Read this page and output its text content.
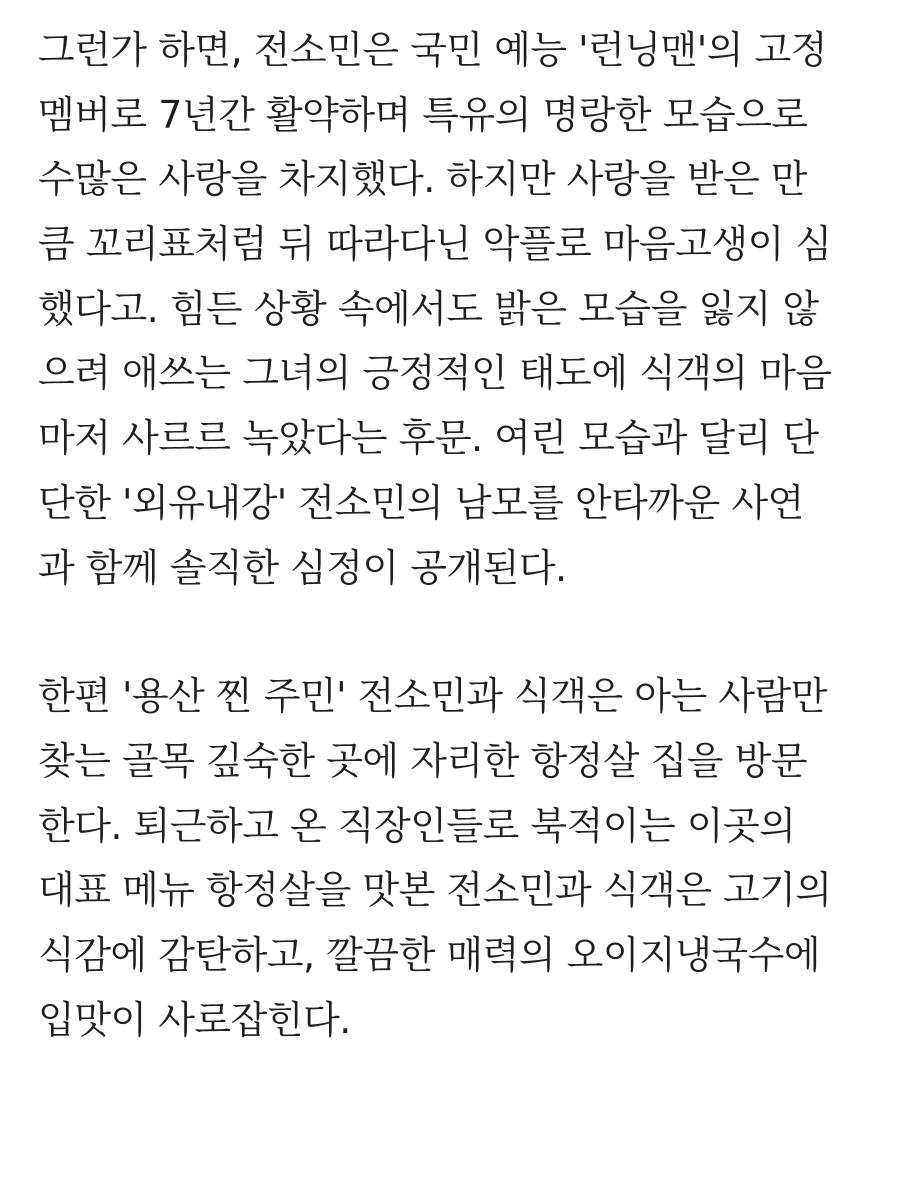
그런가 하면, 전소민은 국민 예능 '런닝맨'의 고정
멤버로 7년간 활약하며 특유의 명랑한 모습으로
수많은 사랑을 차지했다. 하지만 사랑을 받은 만
큼 꼬리표처럼 뒤 따라다닌 악플로 마음고생이 심
했다고. 힘든 상황 속에서도 밝은 모습을 잃지 않
으려 애쓰는 그녀의 긍정적인 태도에 식객의 마음
마저 사르르 녹았다는 후문. 여린 모습과 달리 단
단한 '외유내강' 전소민의 남모를 안타까운 사연
과 함께 솔직한 심정이 공개된다.

한편 '용산 찐 주민' 전소민과 식객은 아는 사람만
찾는 골목 깊숙한 곳에 자리한 항정살 집을 방문
한다. 퇴근하고 온 직장인들로 북적이는 이곳의
대표 메뉴 항정살을 맛본 전소민과 식객은 고기의
식감에 감탄하고, 깔끔한 매력의 오이지냉국수에
입맛이 사로잡힌다.
